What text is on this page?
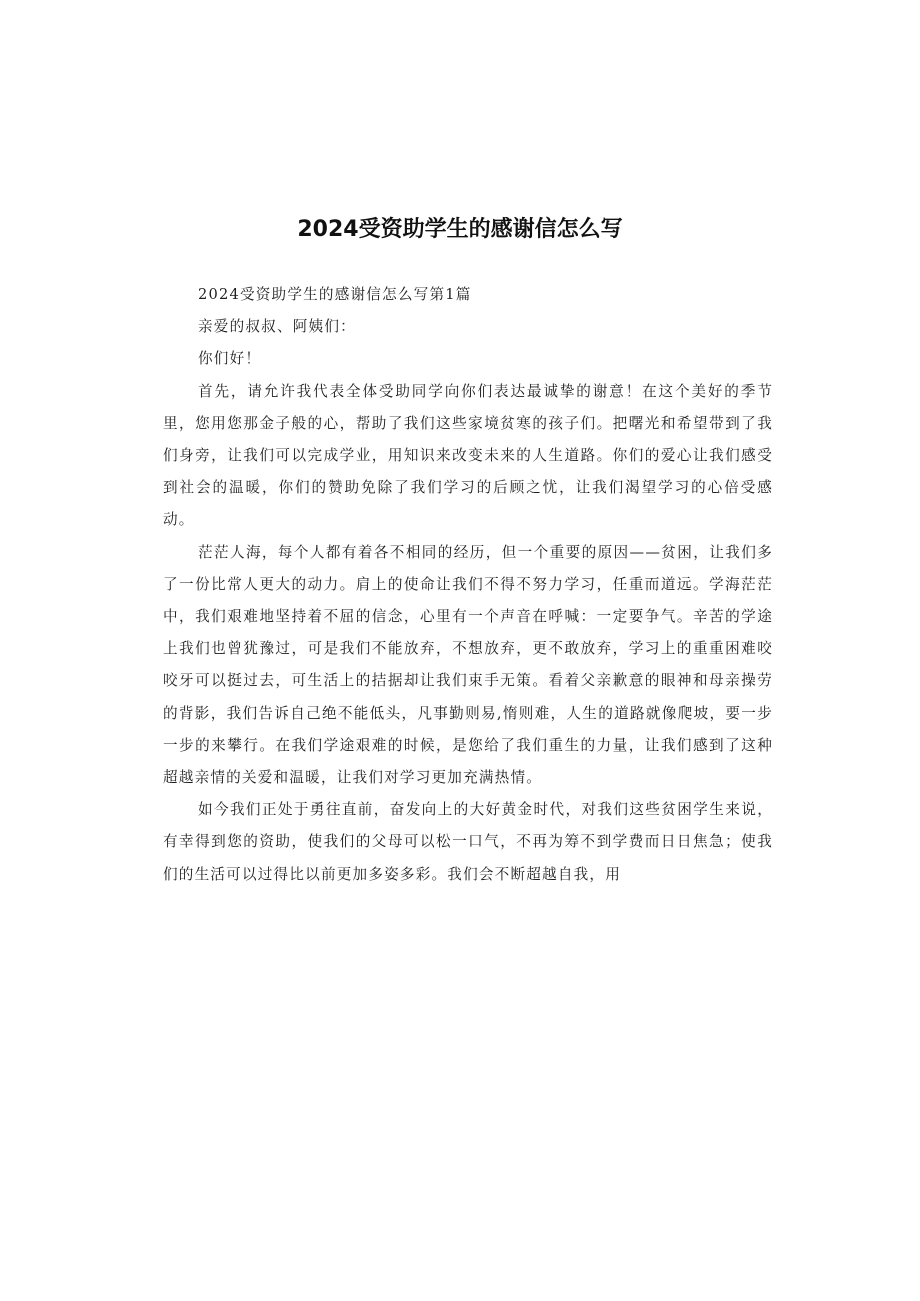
2024受资助学生的感谢信怎么写

2024受资助学生的感谢信怎么写第1篇

亲爱的叔叔、阿姨们：

你们好！

首先，请允许我代表全体受助同学向你们表达最诚挚的谢意！在这个美好的季节里，您用您那金子般的心，帮助了我们这些家境贫寒的孩子们。把曙光和希望带到了我们身旁，让我们可以完成学业，用知识来改变未来的人生道路。你们的爱心让我们感受到社会的温暖，你们的赞助免除了我们学习的后顾之忧，让我们渴望学习的心倍受感动。

茫茫人海，每个人都有着各不相同的经历，但一个重要的原因——贫困，让我们多了一份比常人更大的动力。肩上的使命让我们不得不努力学习，任重而道远。学海茫茫中，我们艰难地坚持着不屈的信念，心里有一个声音在呼喊：一定要争气。辛苦的学途上我们也曾犹豫过，可是我们不能放弃，不想放弃，更不敢放弃，学习上的重重困难咬咬牙可以挺过去，可生活上的拮据却让我们束手无策。看着父亲歉意的眼神和母亲操劳的背影，我们告诉自己绝不能低头，凡事勤则易,惰则难，人生的道路就像爬坡，要一步一步的来攀行。在我们学途艰难的时候，是您给了我们重生的力量，让我们感到了这种超越亲情的关爱和温暖，让我们对学习更加充满热情。

如今我们正处于勇往直前，奋发向上的大好黄金时代，对我们这些贫困学生来说，有幸得到您的资助，使我们的父母可以松一口气，不再为筹不到学费而日日焦急；使我们的生活可以过得比以前更加多姿多彩。我们会不断超越自我，用
